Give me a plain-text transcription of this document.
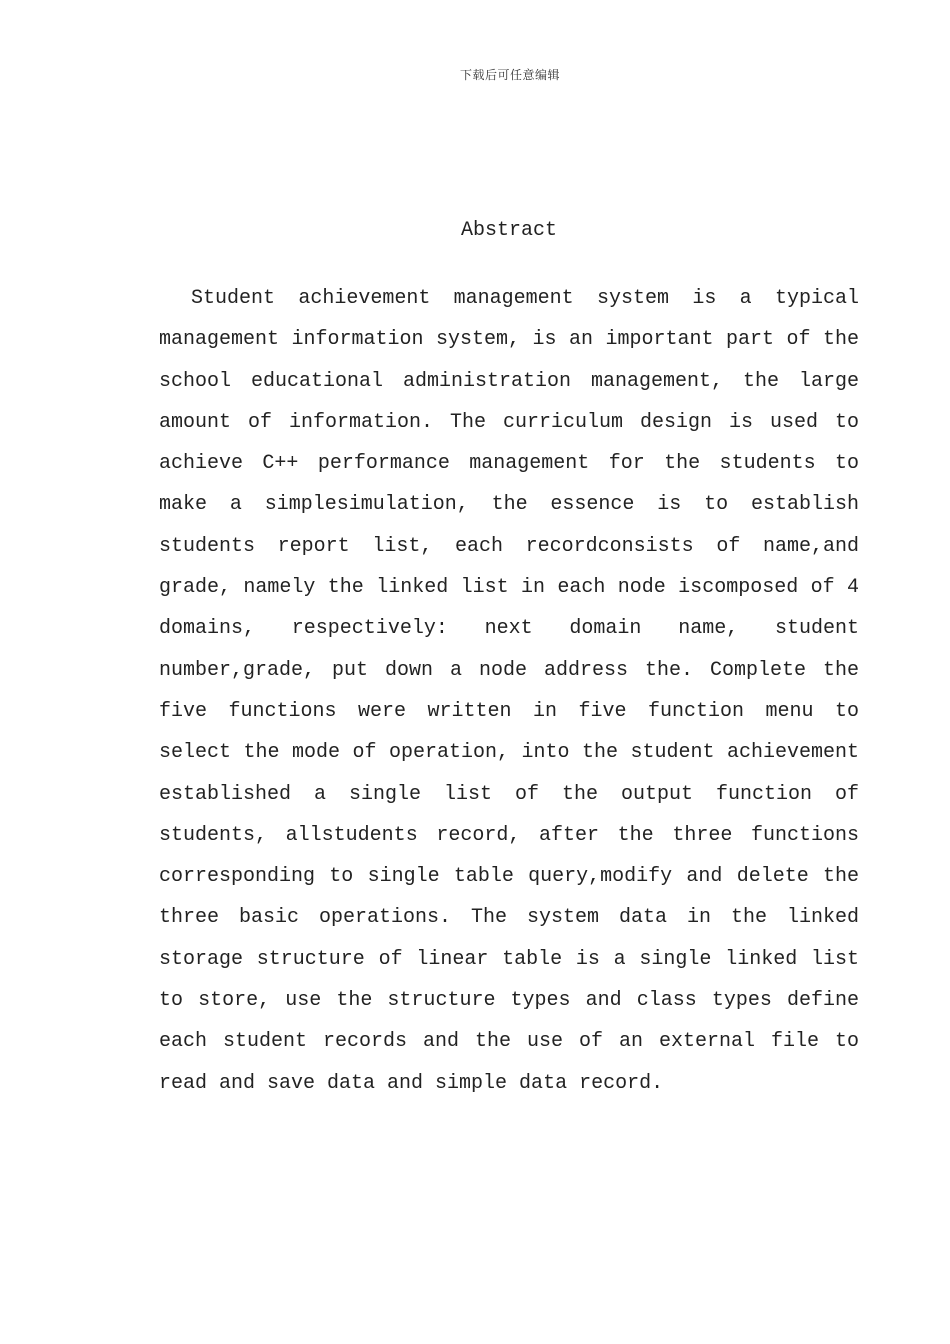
下载后可任意编辑
Abstract

Student achievement management system is a typical management information system, is an important part of the school educational administration management, the large amount of information. The curriculum design is used to achieve C++ performance management for the students to make a simplesimulation, the essence is to establish students report list, each recordconsists of name,and grade, namely the linked list in each node iscomposed of 4 domains, respectively: next domain name, student number,grade, put down a node address the. Complete the five functions were written in five function menu to select the mode of operation, into the student achievement established a single list of the output function of students, allstudents record, after the three functions corresponding to single table query,modify and delete the three basic operations. The system data in the linked storage structure of linear table is a single linked list to store, use the structure types and class types define each student records and the use of an external file to read and save data and simple data record.
